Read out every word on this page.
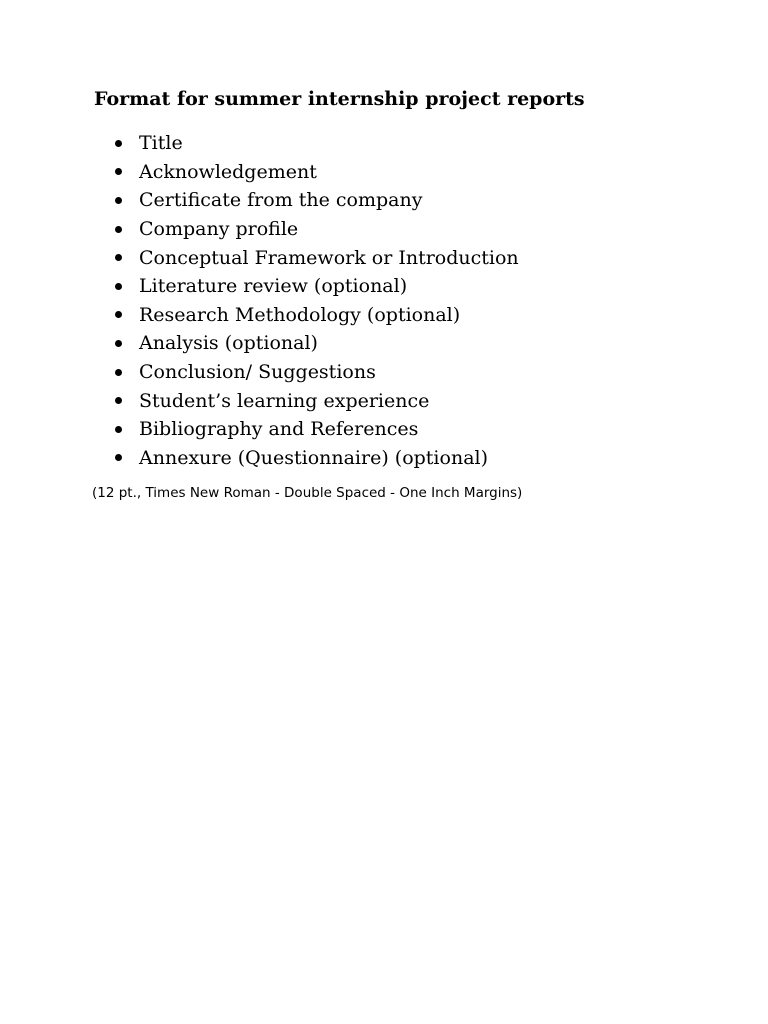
Format for summer internship project reports
Title
Acknowledgement
Certificate from the company
Company profile
Conceptual Framework or Introduction
Literature review (optional)
Research Methodology (optional)
Analysis (optional)
Conclusion/ Suggestions
Student’s learning experience
Bibliography and References
Annexure (Questionnaire) (optional)

(12 pt., Times New Roman - Double Spaced - One Inch Margins)
